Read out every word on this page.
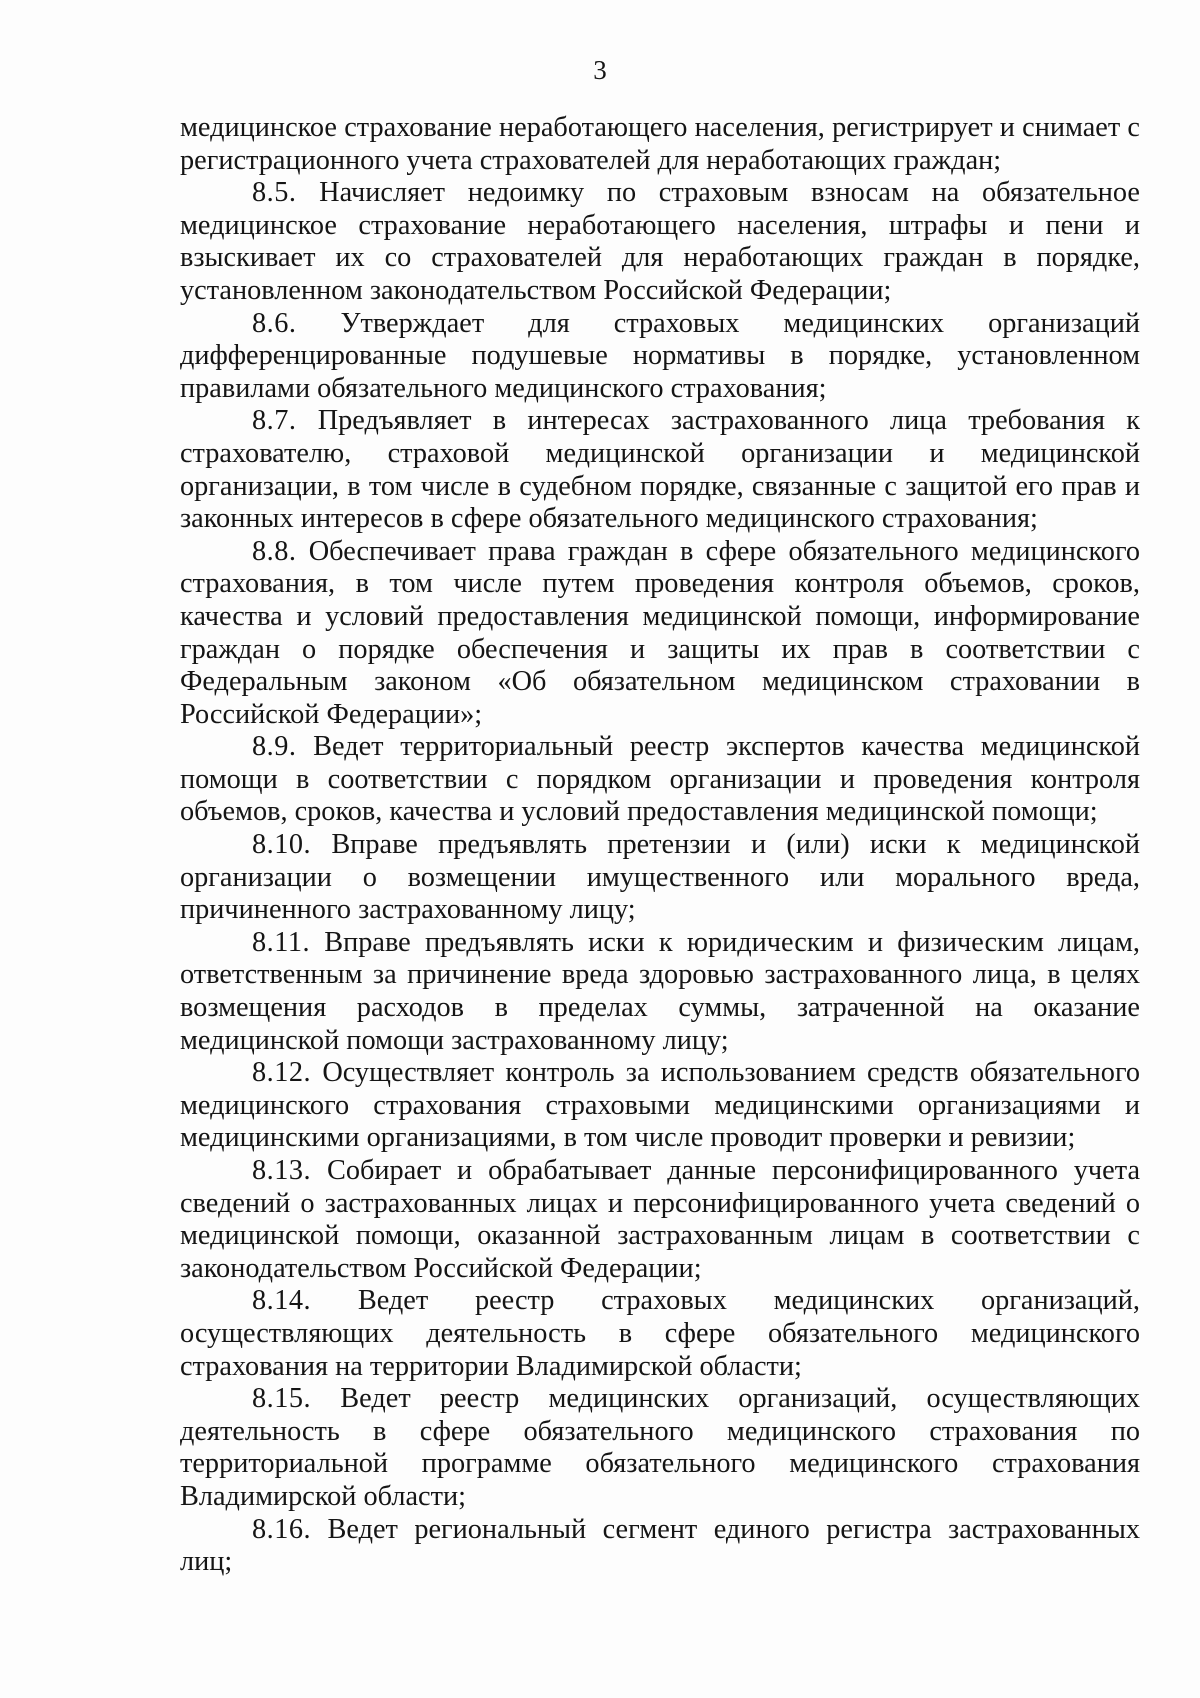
3

медицинское страхование неработающего населения, регистрирует и снимает с регистрационного учета страхователей для неработающих граждан;

8.5. Начисляет недоимку по страховым взносам на обязательное медицинское страхование неработающего населения, штрафы и пени и взыскивает их со страхователей для неработающих граждан в порядке, установленном законодательством Российской Федерации;

8.6. Утверждает для страховых медицинских организаций дифференцированные подушевые нормативы в порядке, установленном правилами обязательного медицинского страхования;

8.7. Предъявляет в интересах застрахованного лица требования к страхователю, страховой медицинской организации и медицинской организации, в том числе в судебном порядке, связанные с защитой его прав и законных интересов в сфере обязательного медицинского страхования;

8.8. Обеспечивает права граждан в сфере обязательного медицинского страхования, в том числе путем проведения контроля объемов, сроков, качества и условий предоставления медицинской помощи, информирование граждан о порядке обеспечения и защиты их прав в соответствии с Федеральным законом «Об обязательном медицинском страховании в Российской Федерации»;

8.9. Ведет территориальный реестр экспертов качества медицинской помощи в соответствии с порядком организации и проведения контроля объемов, сроков, качества и условий предоставления медицинской помощи;

8.10. Вправе предъявлять претензии и (или) иски к медицинской организации о возмещении имущественного или морального вреда, причиненного застрахованному лицу;

8.11. Вправе предъявлять иски к юридическим и физическим лицам, ответственным за причинение вреда здоровью застрахованного лица, в целях возмещения расходов в пределах суммы, затраченной на оказание медицинской помощи застрахованному лицу;

8.12. Осуществляет контроль за использованием средств обязательного медицинского страхования страховыми медицинскими организациями и медицинскими организациями, в том числе проводит проверки и ревизии;

8.13. Собирает и обрабатывает данные персонифицированного учета сведений о застрахованных лицах и персонифицированного учета сведений о медицинской помощи, оказанной застрахованным лицам в соответствии с законодательством Российской Федерации;

8.14. Ведет реестр страховых медицинских организаций, осуществляющих деятельность в сфере обязательного медицинского страхования на территории Владимирской области;

8.15. Ведет реестр медицинских организаций, осуществляющих деятельность в сфере обязательного медицинского страхования по территориальной программе обязательного медицинского страхования Владимирской области;

8.16. Ведет региональный сегмент единого регистра застрахованных лиц;
